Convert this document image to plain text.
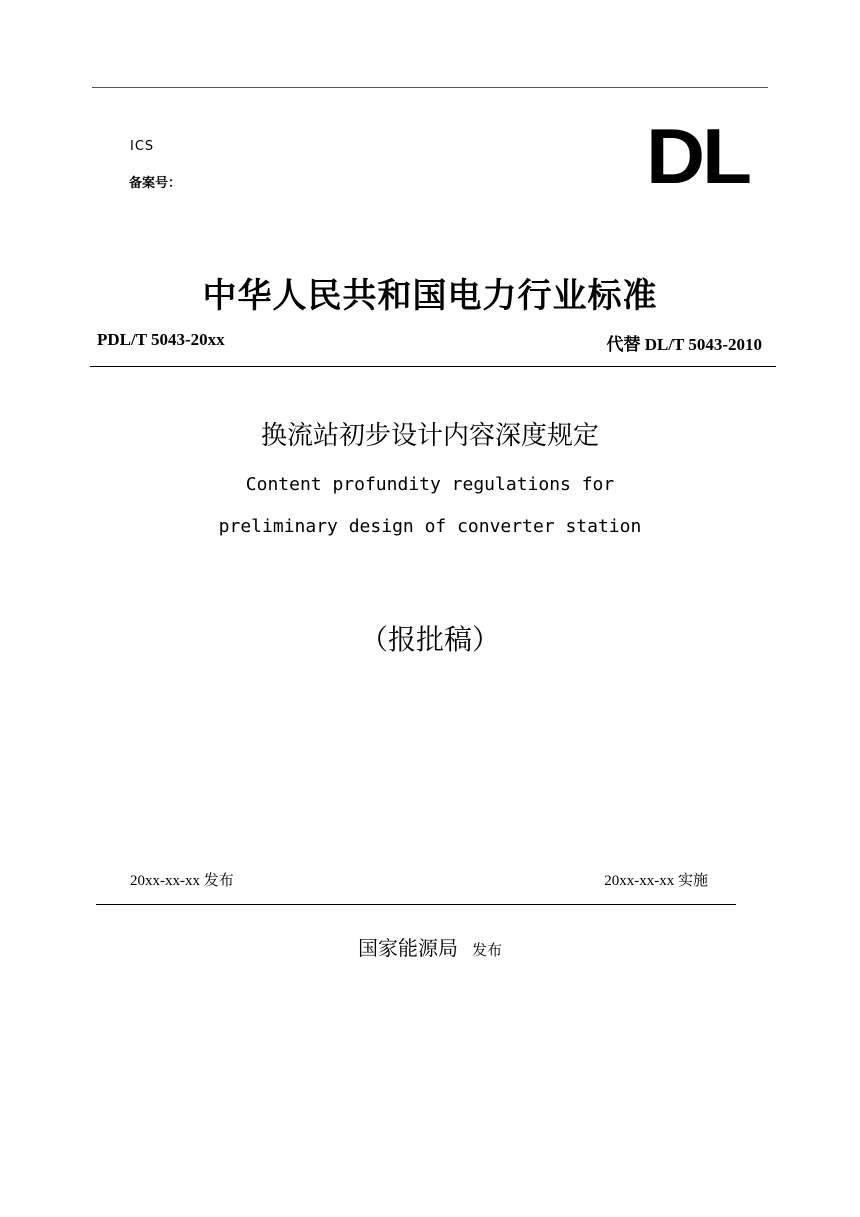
ICS
备案号：	DL
中华人民共和国电力行业标准
PDL/T 5043-20xx	代替 DL/T 5043-2010
换流站初步设计内容深度规定
Content profundity regulations for
preliminary design of converter station
（报批稿）
20xx-xx-xx 发布	20xx-xx-xx 实施
国家能源局 发布
